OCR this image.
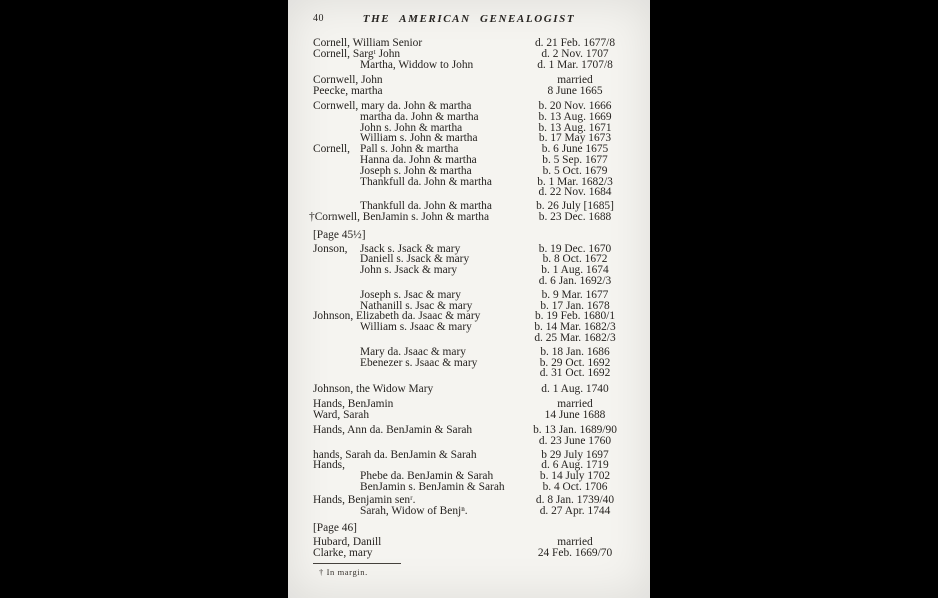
40	THE AMERICAN GENEALOGIST
Cornell, William Senior	d. 21 Feb. 1677/8
Cornell, Sargᵗ John	d. 2 Nov. 1707
Martha, Widdow to John	d. 1 Mar. 1707/8
Cornwell, John	married
Peecke, martha	8 June 1665
Cornwell, mary da. John & martha	b. 20 Nov. 1666
martha da. John & martha	b. 13 Aug. 1669
John s. John & martha	b. 13 Aug. 1671
William s. John & martha	b. 17 May 1673
Cornell, Pall s. John & martha	b. 6 June 1675
Hanna da. John & martha	b. 5 Sep. 1677
Joseph s. John & martha	b. 5 Oct. 1679
Thankfull da. John & martha	b. 1 Mar. 1682/3
d. 22 Nov. 1684
Thankfull da. John & martha	b. 26 July [1685]
†Cornwell, BenJamin s. John & martha	b. 23 Dec. 1688
[Page 45½]
Jonson, Jsack s. Jsack & mary	b. 19 Dec. 1670
Daniell s. Jsack & mary	b. 8 Oct. 1672
John s. Jsack & mary	b. 1 Aug. 1674
d. 6 Jan. 1692/3
Joseph s. Jsac & mary	b. 9 Mar. 1677
Nathanill s. Jsac & mary	b. 17 Jan. 1678
Johnson, Elizabeth da. Jsaac & mary	b. 19 Feb. 1680/1
William s. Jsaac & mary	b. 14 Mar. 1682/3
d. 25 Mar. 1682/3
Mary da. Jsaac & mary	b. 18 Jan. 1686
Ebenezer s. Jsaac & mary	b. 29 Oct. 1692
d. 31 Oct. 1692
Johnson, the Widow Mary	d. 1 Aug. 1740
Hands, BenJamin	married
Ward, Sarah	14 June 1688
Hands, Ann da. BenJamin & Sarah	b. 13 Jan. 1689/90
d. 23 June 1760
hands, Sarah da. BenJamin & Sarah	b 29 July 1697
Hands,	d. 6 Aug. 1719
Phebe da. BenJamin & Sarah	b. 14 July 1702
BenJamin s. BenJamin & Sarah	b. 4 Oct. 1706
Hands, Benjamin senʳ.	d. 8 Jan. 1739/40
Sarah, Widow of Benjⁿ.	d. 27 Apr. 1744
[Page 46]
Hubard, Danill	married
Clarke, mary	24 Feb. 1669/70
† In margin.
